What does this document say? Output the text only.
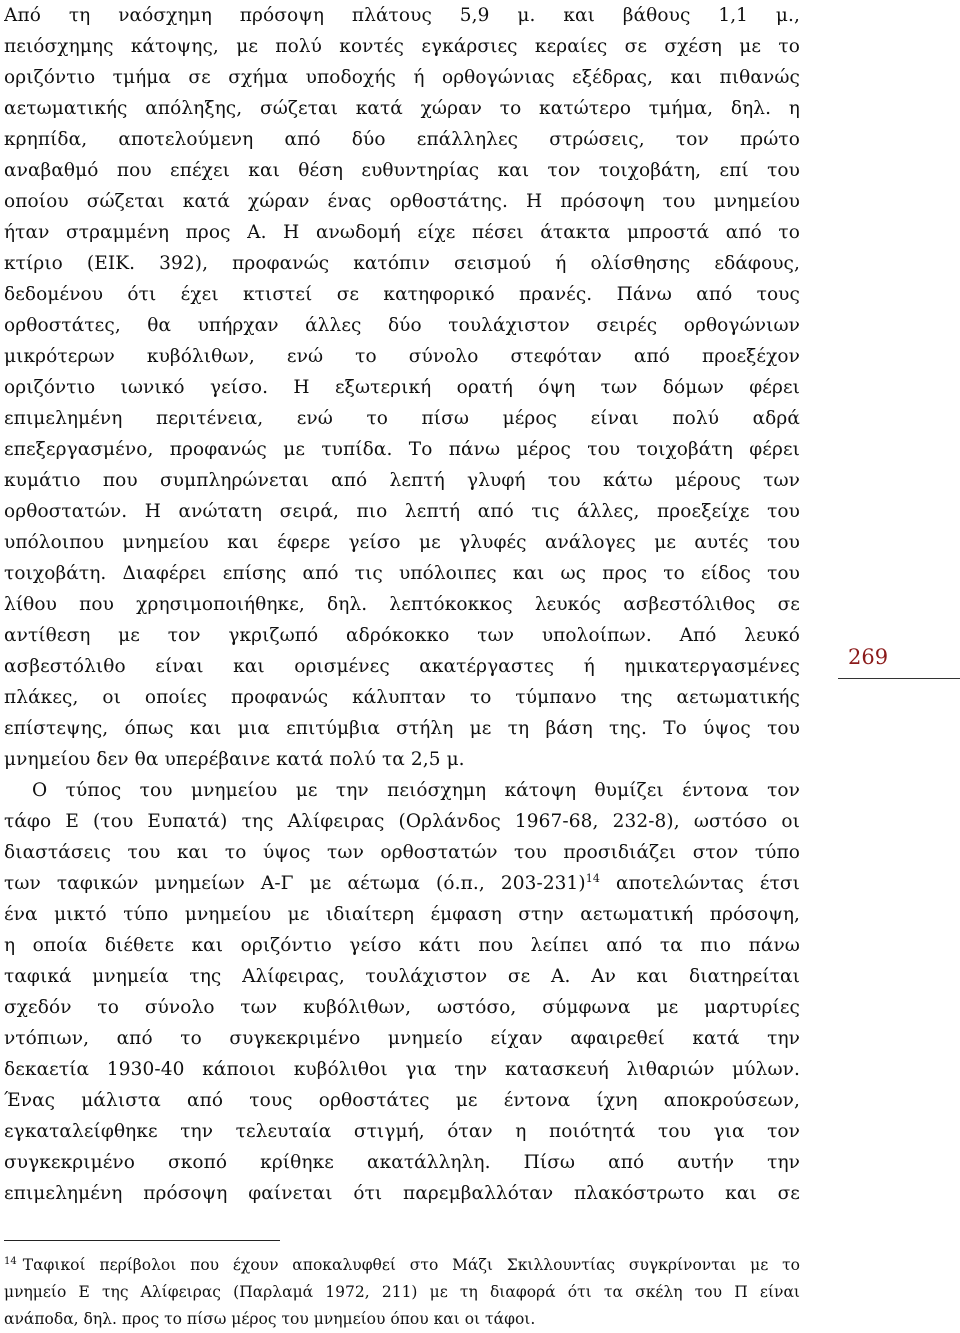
Από τη ναόσχημη πρόσοψη πλάτους 5,9 μ. και βάθους 1,1 μ.,
πειόσχημης κάτοψης, με πολύ κοντές εγκάρσιες κεραίες σε σχέση με το
οριζόντιο τμήμα σε σχήμα υποδοχής ή ορθογώνιας εξέδρας, και πιθανώς
αετωματικής απόληξης, σώζεται κατά χώραν το κατώτερο τμήμα, δηλ. η
κρηπίδα, αποτελούμενη από δύο επάλληλες στρώσεις, τον πρώτο
αναβαθμό που επέχει και θέση ευθυντηρίας και τον τοιχοβάτη, επί του
οποίου σώζεται κατά χώραν ένας ορθοστάτης. Η πρόσοψη του μνημείου
ήταν στραμμένη προς Α. Η ανωδομή είχε πέσει άτακτα μπροστά από το
κτίριο (ΕΙΚ. 392), προφανώς κατόπιν σεισμού ή ολίσθησης εδάφους,
δεδομένου ότι έχει κτιστεί σε κατηφορικό πρανές. Πάνω από τους
ορθοστάτες, θα υπήρχαν άλλες δύο τουλάχιστον σειρές ορθογώνιων
μικρότερων κυβόλιθων, ενώ το σύνολο στεφόταν από προεξέχον
οριζόντιο ιωνικό γείσο. Η εξωτερική ορατή όψη των δόμων φέρει
επιμελημένη περιτένεια, ενώ το πίσω μέρος είναι πολύ αδρά
επεξεργασμένο, προφανώς με τυπίδα. Το πάνω μέρος του τοιχοβάτη φέρει
κυμάτιο που συμπληρώνεται από λεπτή γλυφή του κάτω μέρους των
ορθοστατών. Η ανώτατη σειρά, πιο λεπτή από τις άλλες, προεξείχε του
υπόλοιπου μνημείου και έφερε γείσο με γλυφές ανάλογες με αυτές του
τοιχοβάτη. Διαφέρει επίσης από τις υπόλοιπες και ως προς το είδος του
λίθου που χρησιμοποιήθηκε, δηλ. λεπτόκοκκος λευκός ασβεστόλιθος σε
αντίθεση με τον γκριζωπό αδρόκοκκο των υπολοίπων. Από λευκό
ασβεστόλιθο είναι και ορισμένες ακατέργαστες ή ημικατεργασμένες
πλάκες, οι οποίες προφανώς κάλυπταν το τύμπανο της αετωματικής
επίστεψης, όπως και μια επιτύμβια στήλη με τη βάση της. Το ύψος του
μνημείου δεν θα υπερέβαινε κατά πολύ τα 2,5 μ.
Ο τύπος του μνημείου με την πειόσχημη κάτοψη θυμίζει έντονα τον
τάφο Ε (του Ευπατά) της Αλίφειρας (Ορλάνδος 1967-68, 232-8), ωστόσο οι
διαστάσεις του και το ύψος των ορθοστατών του προσιδιάζει στον τύπο
των ταφικών μνημείων Α-Γ με αέτωμα (ό.π., 203-231)$^{14}$ αποτελώντας έτσι
ένα μικτό τύπο μνημείου με ιδιαίτερη έμφαση στην αετωματική πρόσοψη,
η οποία διέθετε και οριζόντιο γείσο κάτι που λείπει από τα πιο πάνω
ταφικά μνημεία της Αλίφειρας, τουλάχιστον σε Α. Αν και διατηρείται
σχεδόν το σύνολο των κυβόλιθων, ωστόσο, σύμφωνα με μαρτυρίες
ντόπιων, από το συγκεκριμένο μνημείο είχαν αφαιρεθεί κατά την
δεκαετία 1930-40 κάποιοι κυβόλιθοι για την κατασκευή λιθαριών μύλων.
Ένας μάλιστα από τους ορθοστάτες με έντονα ίχνη αποκρούσεων,
εγκαταλείφθηκε την τελευταία στιγμή, όταν η ποιότητά του για τον
συγκεκριμένο σκοπό κρίθηκε ακατάλληλη. Πίσω από αυτήν την
επιμελημένη πρόσοψη φαίνεται ότι παρεμβαλλόταν πλακόστρωτο και σε
269
$^{14}$ Ταφικοί περίβολοι που έχουν αποκαλυφθεί στο Μάζι Σκιλλουντίας συγκρίνονται με το
μνημείο Ε της Αλίφειρας (Παρλαμά 1972, 211) με τη διαφορά ότι τα σκέλη του Π είναι
ανάποδα, δηλ. προς το πίσω μέρος του μνημείου όπου και οι τάφοι.
